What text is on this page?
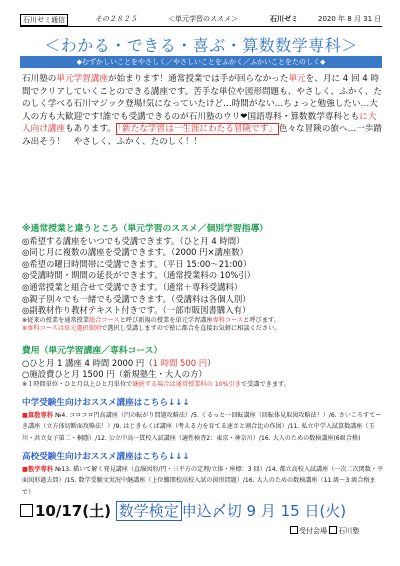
石川ゼミ通信	その２８２５	＜単元学習のススメ＞	石川ゼミ	2020 年 8 月 31 日
＜わかる・できる・喜ぶ・算数数学専科＞
◆むずかしいことをやさしく／やさしいことをふかく／ふかいことをたのしく◆
石川塾の単元学習講座が始まります！通常授業では手が回らなかった単元を、月に 4 回 4 時間でクリアしていくことのできる講座です。苦手な単位や図形問題も、やさしく、ふかく、たのしく学べる石川マジック登場!気になっていたけど…時間がない…ちょっと勉強したい…大人の方も大歓迎です!誰でも受講できるのが石川塾のウリ❤国語専科・算数数学専科ともに大人向け講座もあります。 「新たな学習は一生涯にわたる冒険です」 色々な冒険の旅へ…一歩踏み出そう！　やさしく、ふかく、たのしく！！
※通常授業と違うところ（単元学習のススメ／個別学習指導）
◎希望する講座をいつでも受講できます。（ひと月 4 時間）
◎同じ月に複数の講座を受講できます。（2000 円×講座数）
◎希望の曜日時間帯に受講できます。（平日 15:00～21:00）
◎受講時間・期間の延長ができます。（通常授業料の 10%引）
◎通常授業と組合せて受講できます。（通常＋専科受講料）
◎親子別々でも一緒でも受講できます。（受講料は各個人別）
◎副教材作り教材テキスト付きです。（一部市販図書購入有）
※従来の授業を通常授業総合コースと呼び新規の授業を単元学習講座専科コースと呼びます。
※専科コースは単元選択個別で選択し受講しますので塾に都合を直接お気軽に相談ください。
費用（単元学習講座／専科コース）
○ひと月 1 講座 4 時間 2000 円（1 時間 500 円）
○施設費ひと月 1500 円（新規塾生・大人の方）
※１時間単位・ひと月以上ひと月単位で継続する場合は通常授業料の 10%引きで受講できます。
中学受験生向けおススメ講座はこちら↓↓↓
■算数専科 №4. コロコロ円高講座（円の転がり問題攻略法）/5. くるっと一回転講座（回転体見取図攻略法！）/6. さいころすてーき講座（立方体切断面攻略法！）/9. はじきもくば講座（考える力を育てる速さと割合比の作図）/11. 私立中学入試算数講座（玉川・共立女子第二・桐蔭）/12. 公立中高一貫校入試講座（適性検査2：東京・神奈川）/16. 大人のための数検講座(6級合格)
高校受験生向けおススメ講座はこちら↓↓↓
■数学専科 №13. 描いて解く発見講座（直線図形/円・三平方の定理/立体・座標：3 回）/14. 都立高校入試講座（一次二次関数・平面図形過去問）/15. 数学受験文実況中継講座（上位難関校高校入試の図形問題）/16. 大人のための数検講座（11 級～3 級合格まで）
10/17(土) 数学検定 申込〆切 9 月 15 日(火)
受付会場 石川塾
